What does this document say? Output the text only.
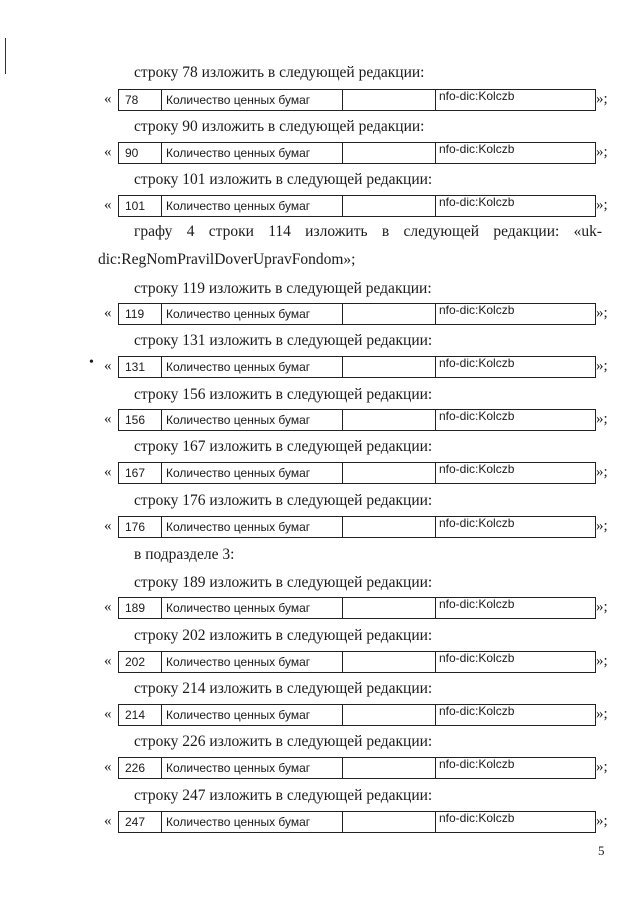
•
строку 78 изложить в следующей редакции:
«	78	Количество ценных бумаг	nfo-dic:Kolczb	»;
строку 90 изложить в следующей редакции:
«	90	Количество ценных бумаг	nfo-dic:Kolczb	»;
строку 101 изложить в следующей редакции:
«	101	Количество ценных бумаг	nfo-dic:Kolczb	»;
графу 4 строки 114 изложить в следующей редакции: «uk-
dic:RegNomPravilDoverUpravFondom»;
строку 119 изложить в следующей редакции:
«	119	Количество ценных бумаг	nfo-dic:Kolczb	»;
строку 131 изложить в следующей редакции:
«	131	Количество ценных бумаг	nfo-dic:Kolczb	»;
строку 156 изложить в следующей редакции:
«	156	Количество ценных бумаг	nfo-dic:Kolczb	»;
строку 167 изложить в следующей редакции:
«	167	Количество ценных бумаг	nfo-dic:Kolczb	»;
строку 176 изложить в следующей редакции:
«	176	Количество ценных бумаг	nfo-dic:Kolczb	»;
в подразделе 3:
строку 189 изложить в следующей редакции:
«	189	Количество ценных бумаг	nfo-dic:Kolczb	»;
строку 202 изложить в следующей редакции:
«	202	Количество ценных бумаг	nfo-dic:Kolczb	»;
строку 214 изложить в следующей редакции:
«	214	Количество ценных бумаг	nfo-dic:Kolczb	»;
строку 226 изложить в следующей редакции:
«	226	Количество ценных бумаг	nfo-dic:Kolczb	»;
строку 247 изложить в следующей редакции:
«	247	Количество ценных бумаг	nfo-dic:Kolczb	»;
5
